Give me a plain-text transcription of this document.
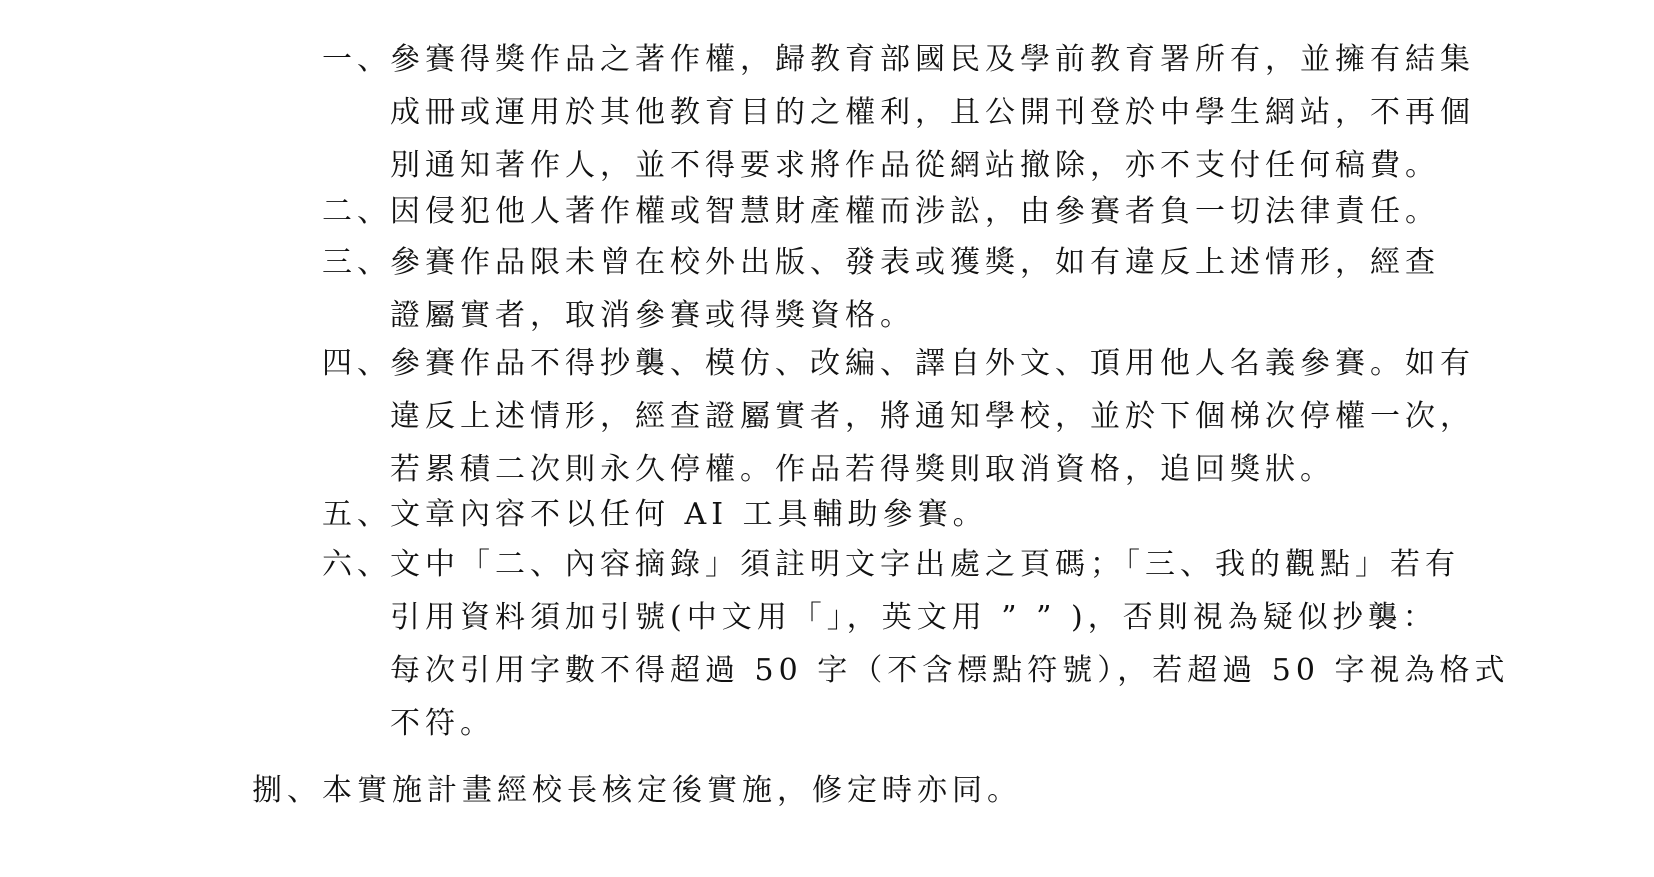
一、
參賽得獎作品之著作權，歸教育部國民及學前教育署所有，並擁有結集
成冊或運用於其他教育目的之權利，且公開刊登於中學生網站，不再個
別通知著作人，並不得要求將作品從網站撤除，亦不支付任何稿費。
二、
因侵犯他人著作權或智慧財產權而涉訟，由參賽者負一切法律責任。
三、
參賽作品限未曾在校外出版、發表或獲獎，如有違反上述情形，經查
證屬實者，取消參賽或得獎資格。
四、
參賽作品不得抄襲、模仿、改編、譯自外文、頂用他人名義參賽。如有
違反上述情形，經查證屬實者，將通知學校，並於下個梯次停權一次，
若累積二次則永久停權。作品若得獎則取消資格，追回獎狀。
五、
文章內容不以任何 AI 工具輔助參賽。
六、
文中「二、內容摘錄」須註明文字出處之頁碼；「三、我的觀點」若有
引用資料須加引號(中文用「」，英文用 ” ” )，否則視為疑似抄襲：
每次引用字數不得超過 50 字（不含標點符號），若超過 50 字視為格式
不符。
捌、本實施計畫經校長核定後實施，修定時亦同。
